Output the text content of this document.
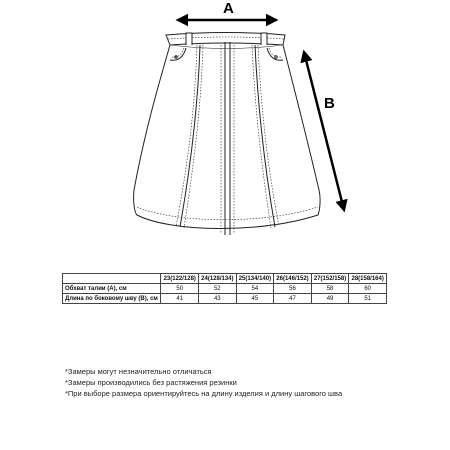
A
B
	23(122/128)	24(128/134)	25(134/140)	26(146/152)	27(152/158)	28(158/164)
Обхват талии (А), см	50	52	54	56	58	60
Длина по боковому шву (В), см	41	43	45	47	49	51
*Замеры могут незначительно отличаться
*Замеры производились без растяжения резинки
*При выборе размера ориентируйтесь на длину изделия и длину шагового шва
